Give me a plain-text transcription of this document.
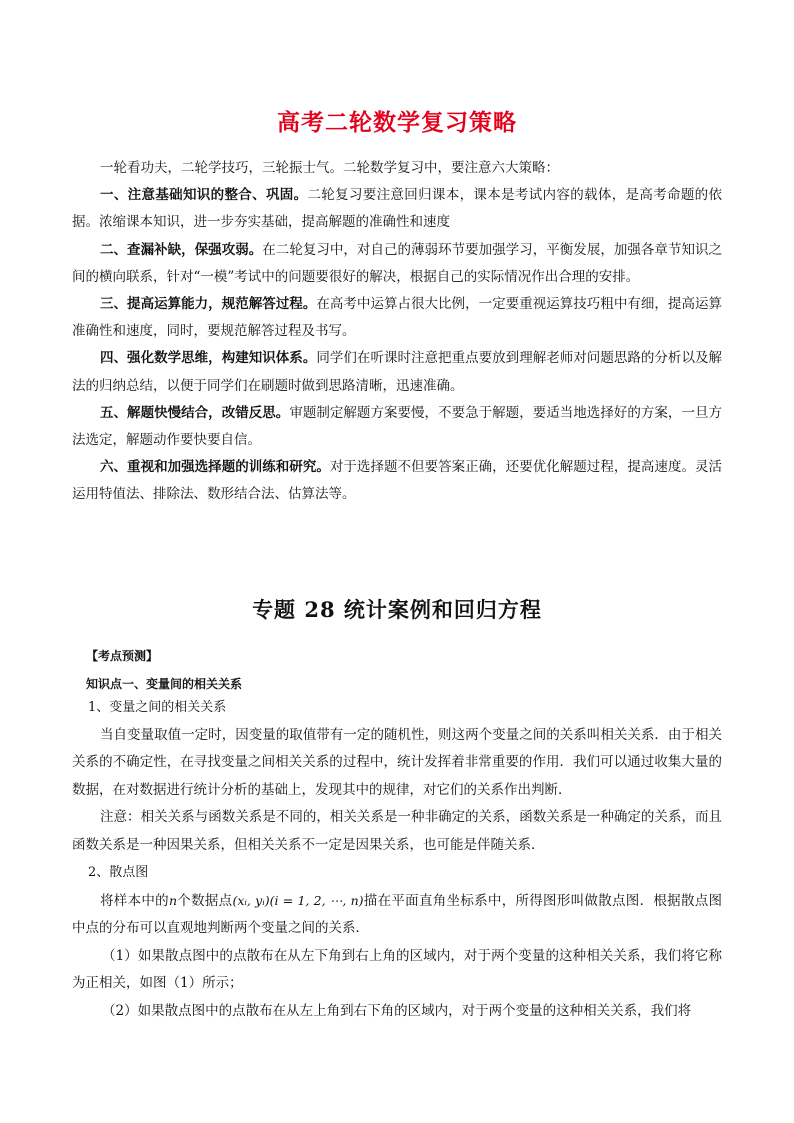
高考二轮数学复习策略

一轮看功夫，二轮学技巧，三轮振士气。二轮数学复习中，要注意六大策略：

一、注意基础知识的整合、巩固。二轮复习要注意回归课本，课本是考试内容的载体，是高考命题的依据。浓缩课本知识，进一步夯实基础，提高解题的准确性和速度

二、查漏补缺，保强攻弱。在二轮复习中，对自己的薄弱环节要加强学习，平衡发展，加强各章节知识之间的横向联系，针对“一模”考试中的问题要很好的解决，根据自己的实际情况作出合理的安排。

三、提高运算能力，规范解答过程。在高考中运算占很大比例，一定要重视运算技巧粗中有细，提高运算准确性和速度，同时，要规范解答过程及书写。

四、强化数学思维，构建知识体系。同学们在听课时注意把重点要放到理解老师对问题思路的分析以及解法的归纳总结，以便于同学们在刷题时做到思路清晰，迅速准确。

五、解题快慢结合，改错反思。审题制定解题方案要慢，不要急于解题，要适当地选择好的方案，一旦方法选定，解题动作要快要自信。

六、重视和加强选择题的训练和研究。对于选择题不但要答案正确，还要优化解题过程，提高速度。灵活运用特值法、排除法、数形结合法、估算法等。

专题 28 统计案例和回归方程
【考点预测】
知识点一、变量间的相关关系

1、变量之间的相关关系

当自变量取值一定时，因变量的取值带有一定的随机性，则这两个变量之间的关系叫相关关系．由于相关关系的不确定性，在寻找变量之间相关关系的过程中，统计发挥着非常重要的作用．我们可以通过收集大量的数据，在对数据进行统计分析的基础上，发现其中的规律，对它们的关系作出判断．

注意：相关关系与函数关系是不同的，相关关系是一种非确定的关系，函数关系是一种确定的关系，而且函数关系是一种因果关系，但相关关系不一定是因果关系，也可能是伴随关系．

2、散点图

将样本中的n个数据点(xᵢ, yᵢ)(i = 1, 2, ⋯, n)描在平面直角坐标系中，所得图形叫做散点图．根据散点图中点的分布可以直观地判断两个变量之间的关系．

（1）如果散点图中的点散布在从左下角到右上角的区域内，对于两个变量的这种相关关系，我们将它称为正相关，如图（1）所示；

（2）如果散点图中的点散布在从左上角到右下角的区域内，对于两个变量的这种相关关系，我们将
